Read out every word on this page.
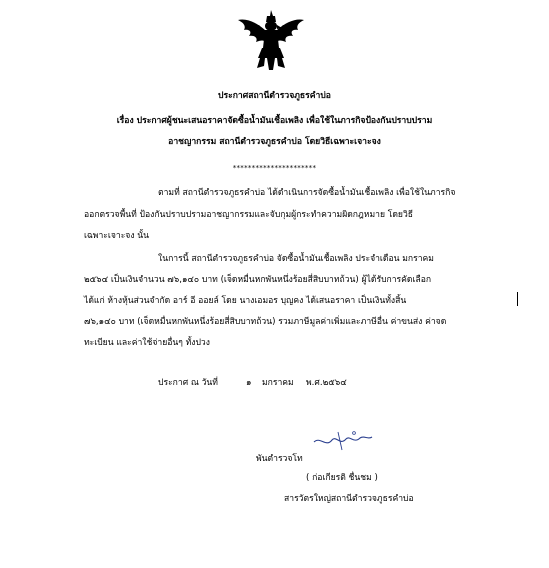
ประกาศสถานีตำรวจภูธรคำบ่อ
เรื่อง ประกาศผู้ชนะเสนอราคาจัดซื้อน้ำมันเชื้อเพลิง เพื่อใช้ในภารกิจป้องกันปราบปราม
อาชญากรรม สถานีตำรวจภูธรคำบ่อ โดยวิธีเฉพาะเจาะจง
**********************
ตามที่ สถานีตำรวจภูธรคำบ่อ ได้ดำเนินการจัดซื้อน้ำมันเชื้อเพลิง เพื่อใช้ในภารกิจ
ออกตรวจพื้นที่ ป้องกันปราบปรามอาชญากรรมและจับกุมผู้กระทำความผิดกฎหมาย โดยวิธี
เฉพาะเจาะจง นั้น
ในการนี้ สถานีตำรวจภูธรคำบ่อ จัดซื้อน้ำมันเชื้อเพลิง ประจำเดือน มกราคม
๒๕๖๔ เป็นเงินจำนวน ๗๖,๑๔๐ บาท (เจ็ดหมื่นหกพันหนึ่งร้อยสี่สิบบาทถ้วน) ผู้ได้รับการคัดเลือก
ได้แก่ ห้างหุ้นส่วนจำกัด อาร์ อี ออยล์ โดย นางเอมอร บุญคง ได้เสนอราคา เป็นเงินทั้งสิ้น
๗๖,๑๔๐ บาท (เจ็ดหมื่นหกพันหนึ่งร้อยสี่สิบบาทถ้วน) รวมภาษีมูลค่าเพิ่มและภาษีอื่น ค่าขนส่ง ค่าจด
ทะเบียน และค่าใช้จ่ายอื่นๆ ทั้งปวง
ประกาศ ณ วันที่	๑ มกราคม พ.ศ.๒๕๖๔
พันตำรวจโท
( ก่อเกียรติ ชื่นชม )
สารวัตรใหญ่สถานีตำรวจภูธรคำบ่อ
